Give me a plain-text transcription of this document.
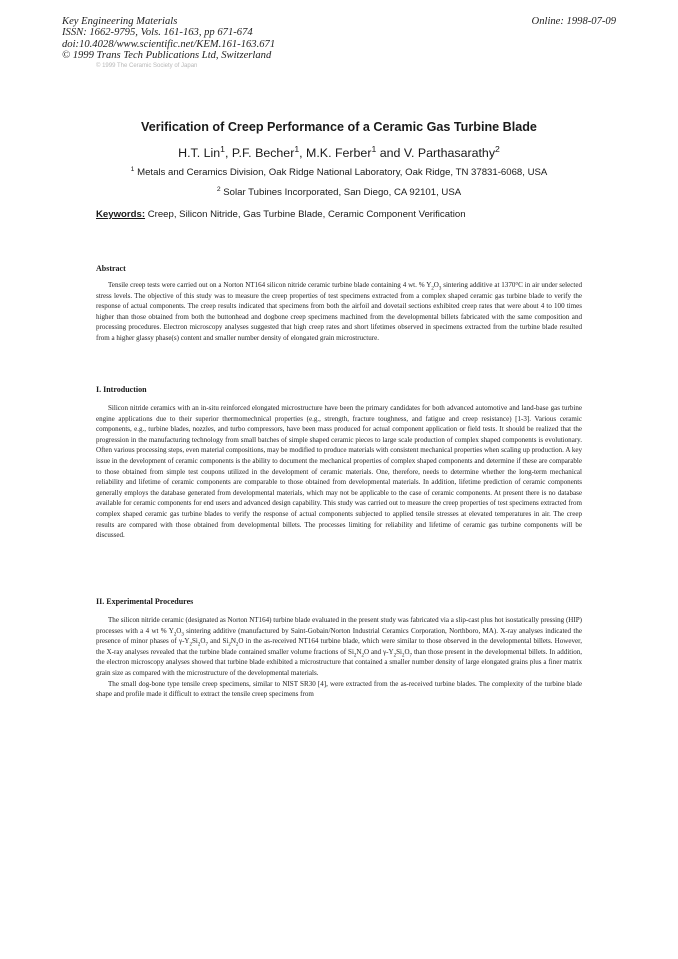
Key Engineering Materials
ISSN: 1662-9795, Vols. 161-163, pp 671-674
doi:10.4028/www.scientific.net/KEM.161-163.671
© 1999 Trans Tech Publications Ltd, Switzerland
Online: 1998-07-09
© 1999 The Ceramic Society of Japan
Verification of Creep Performance of a Ceramic Gas Turbine Blade
H.T. Lin$^1$, P.F. Becher$^1$, M.K. Ferber$^1$ and V. Parthasarathy$^2$
$^1$ Metals and Ceramics Division, Oak Ridge National Laboratory, Oak Ridge, TN 37831-6068, USA
$^2$ Solar Tubines Incorporated, San Diego, CA 92101, USA
Keywords: Creep, Silicon Nitride, Gas Turbine Blade, Ceramic Component Verification
Abstract

Tensile creep tests were carried out on a Norton NT164 silicon nitride ceramic turbine blade containing 4 wt. % $Y_2O_3$ sintering additive at 1370°C in air under selected stress levels. The objective of this study was to measure the creep properties of test specimens extracted from a complex shaped ceramic gas turbine blade to verify the response of actual components. The creep results indicated that specimens from both the airfoil and dovetail sections exhibited creep rates that were about 4 to 100 times higher than those obtained from both the buttonhead and dogbone creep specimens machined from the developmental billets fabricated with the same composition and processing procedures. Electron microscopy analyses suggested that high creep rates and short lifetimes observed in specimens extracted from the turbine blade resulted from a higher glassy phase(s) content and smaller number density of elongated grain microstructure.

I. Introduction

Silicon nitride ceramics with an in-situ reinforced elongated microstructure have been the primary candidates for both advanced automotive and land-base gas turbine engine applications due to their superior thermomechnical properties (e.g., strength, fracture toughness, and fatigue and creep resistance) [1-3]. Various ceramic components, e.g., turbine blades, nozzles, and turbo compressors, have been mass produced for actual component application or field tests. It should be realized that the progression in the manufacturing technology from small batches of simple shaped ceramic pieces to large scale production of complex shaped components is evolutionary. Often various processing steps, even material compositions, may be modified to produce materials with consistent mechanical properties when scaling up production. A key issue in the development of ceramic components is the ability to document the mechanical properties of complex shaped components and determine if these are comparable to those obtained from simple test coupons utilized in the development of ceramic materials. One, therefore, needs to determine whether the long-term mechanical reliability and lifetime of ceramic components are comparable to those obtained from developmental materials. In addition, lifetime prediction of ceramic components generally employs the database generated from developmental materials, which may not be applicable to the case of ceramic components. At present there is no database available for ceramic components for end users and advanced design capability. This study was carried out to measure the creep properties of test specimens extracted from complex shaped ceramic gas turbine blades to verify the response of actual components subjected to applied tensile stresses at elevated temperatures in air. The creep results are compared with those obtained from developmental billets. The processes limiting for reliability and lifetime of ceramic gas turbine components will be discussed.

II. Experimental Procedures

The silicon nitride ceramic (designated as Norton NT164) turbine blade evaluated in the present study was fabricated via a slip-cast plus hot isostatically pressing (HIP) processes with a 4 wt % $Y_2O_3$ sintering additive (manufactured by Saint-Gobain/Norton Industrial Ceramics Corporation, Northboro, MA). X-ray analyses indicated the presence of minor phases of $\gamma-Y_2Si_2O_7$ and $Si_2N_2O$ in the as-received NT164 turbine blade, which were similar to those observed in the developmental billets. However, the X-ray analyses revealed that the turbine blade contained smaller volume fractions of $Si_2N_2O$ and $\gamma-Y_2Si_2O_7$ than those present in the developmental billets. In addition, the electron microscopy analyses showed that turbine blade exhibited a microstructure that contained a smaller number density of large elongated grains plus a finer matrix grain size as compared with the microstructure of the developmental materials.

The small dog-bone type tensile creep specimens, similar to NIST SR30 [4], were extracted from the as-received turbine blades. The complexity of the turbine blade shape and profile made it difficult to extract the tensile creep specimens from
